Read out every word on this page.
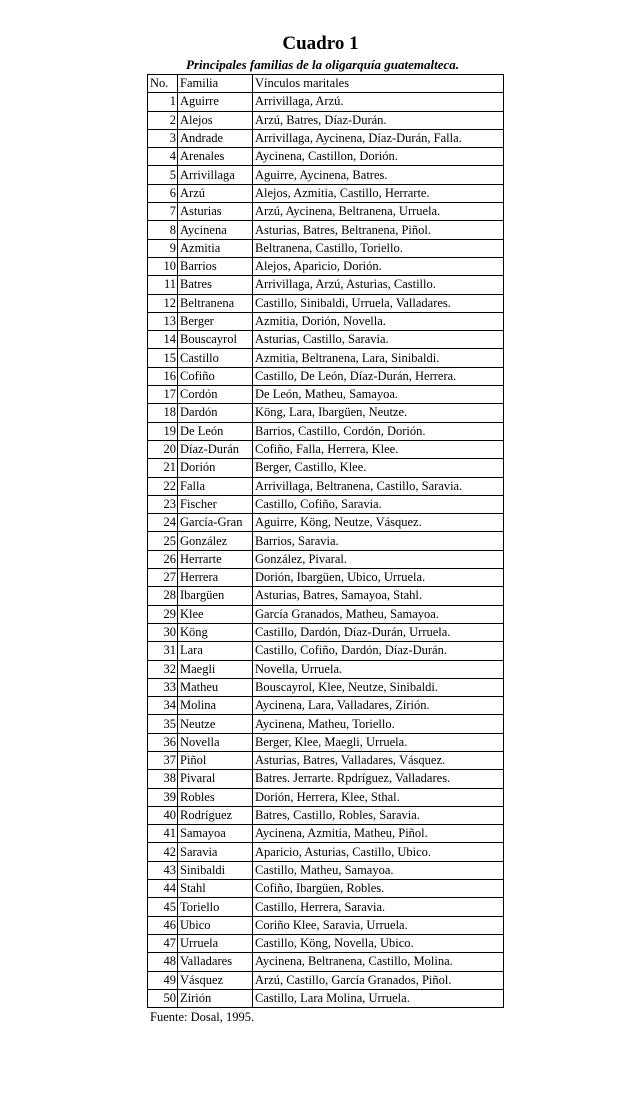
Cuadro 1
Principales familias de la oligarquía guatemalteca.
No.	Familia	Vínculos maritales
1	Aguirre	Arrivillaga, Arzú.
2	Alejos	Arzú, Batres, Díaz-Durán.
3	Andrade	Arrivillaga, Aycinena, Díaz-Durán, Falla.
4	Arenales	Aycinena, Castillon, Dorión.
5	Arrivillaga	Aguirre, Aycinena, Batres.
6	Arzú	Alejos, Azmitia, Castillo, Herrarte.
7	Asturias	Arzú, Aycinena, Beltranena, Urruela.
8	Aycinena	Asturias, Batres, Beltranena, Piñol.
9	Azmitia	Beltranena, Castillo, Toriello.
10	Barrios	Alejos, Aparicio, Dorión.
11	Batres	Arrivillaga, Arzú, Asturias, Castillo.
12	Beltranena	Castillo, Sinibaldi, Urruela, Valladares.
13	Berger	Azmitia, Dorión, Novella.
14	Bouscayrol	Asturias, Castillo, Saravia.
15	Castillo	Azmitia, Beltranena, Lara, Sinibaldi.
16	Cofiño	Castillo, De León, Díaz-Durán, Herrera.
17	Cordón	De León, Matheu, Samayoa.
18	Dardón	Köng, Lara, Ibargüen, Neutze.
19	De León	Barrios, Castillo, Cordón, Dorión.
20	Díaz-Durán	Cofiño, Falla, Herrera, Klee.
21	Dorión	Berger, Castillo, Klee.
22	Falla	Arrivillaga, Beltranena, Castillo, Saravia.
23	Fischer	Castillo, Cofiño, Saravia.
24	García-Gran	Aguirre, Köng, Neutze, Vásquez.
25	González	Barrios, Saravia.
26	Herrarte	González, Pivaral.
27	Herrera	Dorión, Ibargüen, Ubico, Urruela.
28	Ibargüen	Asturias, Batres, Samayoa, Stahl.
29	Klee	García Granados, Matheu, Samayoa.
30	Köng	Castillo, Dardón, Díaz-Durán, Urruela.
31	Lara	Castillo, Cofiño, Dardón, Díaz-Durán.
32	Maegli	Novella, Urruela.
33	Matheu	Bouscayrol, Klee, Neutze, Sinibaldi.
34	Molina	Aycinena, Lara, Valladares, Zirión.
35	Neutze	Aycinena, Matheu, Toriello.
36	Novella	Berger, Klee, Maegli, Urruela.
37	Piñol	Asturias, Batres, Valladares, Vásquez.
38	Pivaral	Batres. Jerrarte. Rpdríguez, Valladares.
39	Robles	Dorión, Herrera, Klee, Sthal.
40	Rodríguez	Batres, Castillo, Robles, Saravia.
41	Samayoa	Aycinena, Azmitia, Matheu, Piñol.
42	Saravia	Aparicio, Asturias, Castillo, Ubico.
43	Sinibaldi	Castillo, Matheu, Samayoa.
44	Stahl	Cofiño, Ibargüen, Robles.
45	Toriello	Castillo, Herrera, Saravia.
46	Ubico	Coriño Klee, Saravia, Urruela.
47	Urruela	Castillo, Köng, Novella, Ubico.
48	Valladares	Aycinena, Beltranena, Castillo, Molina.
49	Vásquez	Arzú, Castillo, García Granados, Piñol.
50	Zirión	Castillo, Lara Molina, Urruela.
Fuente: Dosal, 1995.
